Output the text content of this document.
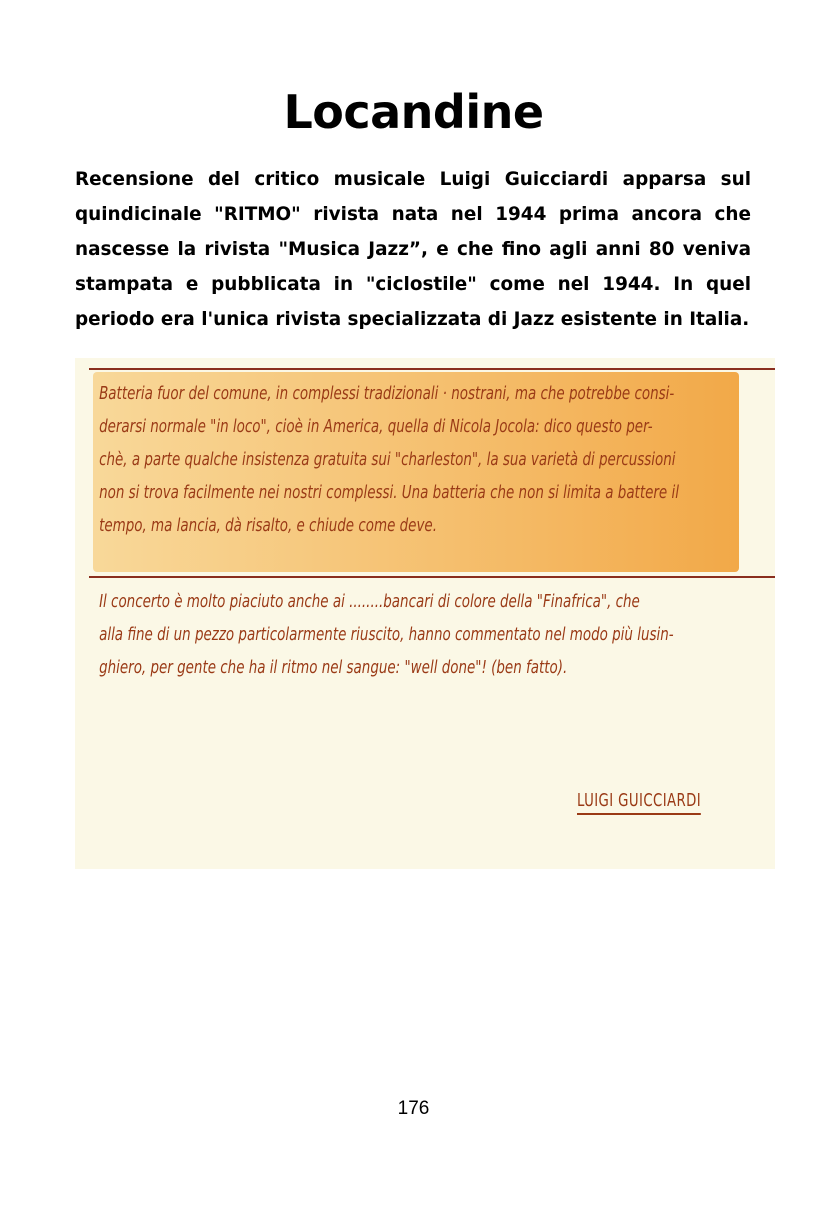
Locandine
Recensione del critico musicale Luigi Guicciardi apparsa sul quindicinale "RITMO" rivista nata nel 1944 prima ancora che nascesse la rivista "Musica Jazz”, e che fino agli anni 80 veniva stampata e pubblicata in "ciclostile" come nel 1944. In quel periodo era l'unica rivista specializzata di Jazz esistente in Italia.
Batteria fuor del comune, in complessi tradizionali · nostrani, ma che potrebbe consi-
derarsi normale "in loco", cioè in America, quella di Nicola Jocola: dico questo per-
chè, a parte qualche insistenza gratuita sui "charleston", la sua varietà di percussioni
non si trova facilmente nei nostri complessi. Una batteria che non si limita a battere il
tempo, ma lancia, dà risalto, e chiude come deve.
Il concerto è molto piaciuto anche ai ........bancari di colore della "Finafrica", che
alla fine di un pezzo particolarmente riuscito, hanno commentato nel modo più lusin-
ghiero, per gente che ha il ritmo nel sangue: "well done"! (ben fatto).
LUIGI GUICCIARDI
176
